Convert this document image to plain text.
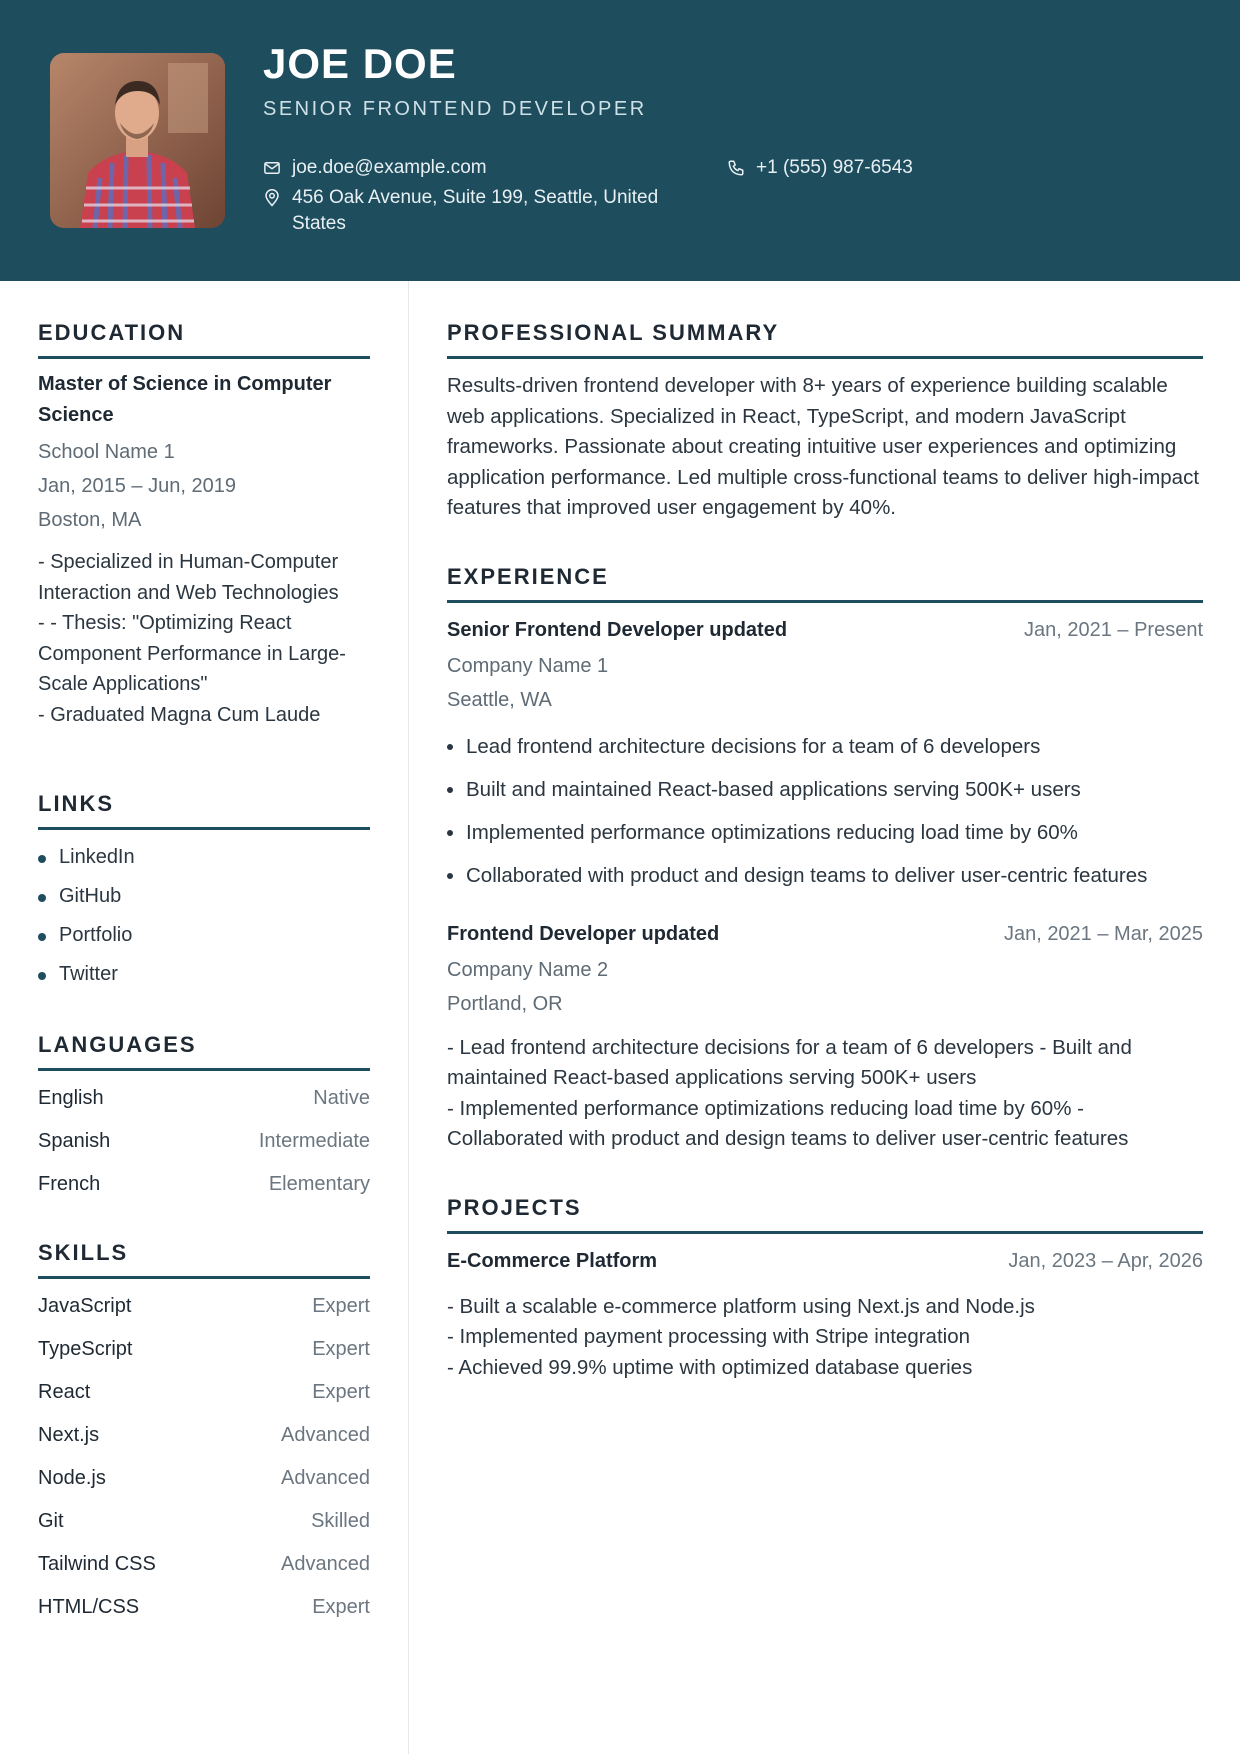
JOE DOE
SENIOR FRONTEND DEVELOPER
joe.doe@example.com	+1 (555) 987-6543
456 Oak Avenue, Suite 199, Seattle, United States
EDUCATION
Master of Science in Computer Science
School Name 1
Jan, 2015 – Jun, 2019
Boston, MA
- Specialized in Human-Computer Interaction and Web Technologies
- - Thesis: "Optimizing React Component Performance in Large-Scale Applications"
- Graduated Magna Cum Laude
LINKS
LinkedIn
GitHub
Portfolio
Twitter
LANGUAGES
English	Native
Spanish	Intermediate
French	Elementary
SKILLS
JavaScript	Expert
TypeScript	Expert
React	Expert
Next.js	Advanced
Node.js	Advanced
Git	Skilled
Tailwind CSS	Advanced
HTML/CSS	Expert
PROFESSIONAL SUMMARY
Results-driven frontend developer with 8+ years of experience building scalable web applications. Specialized in React, TypeScript, and modern JavaScript frameworks. Passionate about creating intuitive user experiences and optimizing application performance. Led multiple cross-functional teams to deliver high-impact features that improved user engagement by 40%.
EXPERIENCE
Senior Frontend Developer updated	Jan, 2021 – Present
Company Name 1
Seattle, WA
Lead frontend architecture decisions for a team of 6 developers
Built and maintained React-based applications serving 500K+ users
Implemented performance optimizations reducing load time by 60%
Collaborated with product and design teams to deliver user-centric features
Frontend Developer updated	Jan, 2021 – Mar, 2025
Company Name 2
Portland, OR
- Lead frontend architecture decisions for a team of 6 developers - Built and maintained React-based applications serving 500K+ users
- Implemented performance optimizations reducing load time by 60% - Collaborated with product and design teams to deliver user-centric features
PROJECTS
E-Commerce Platform	Jan, 2023 – Apr, 2026
- Built a scalable e-commerce platform using Next.js and Node.js
- Implemented payment processing with Stripe integration
- Achieved 99.9% uptime with optimized database queries
